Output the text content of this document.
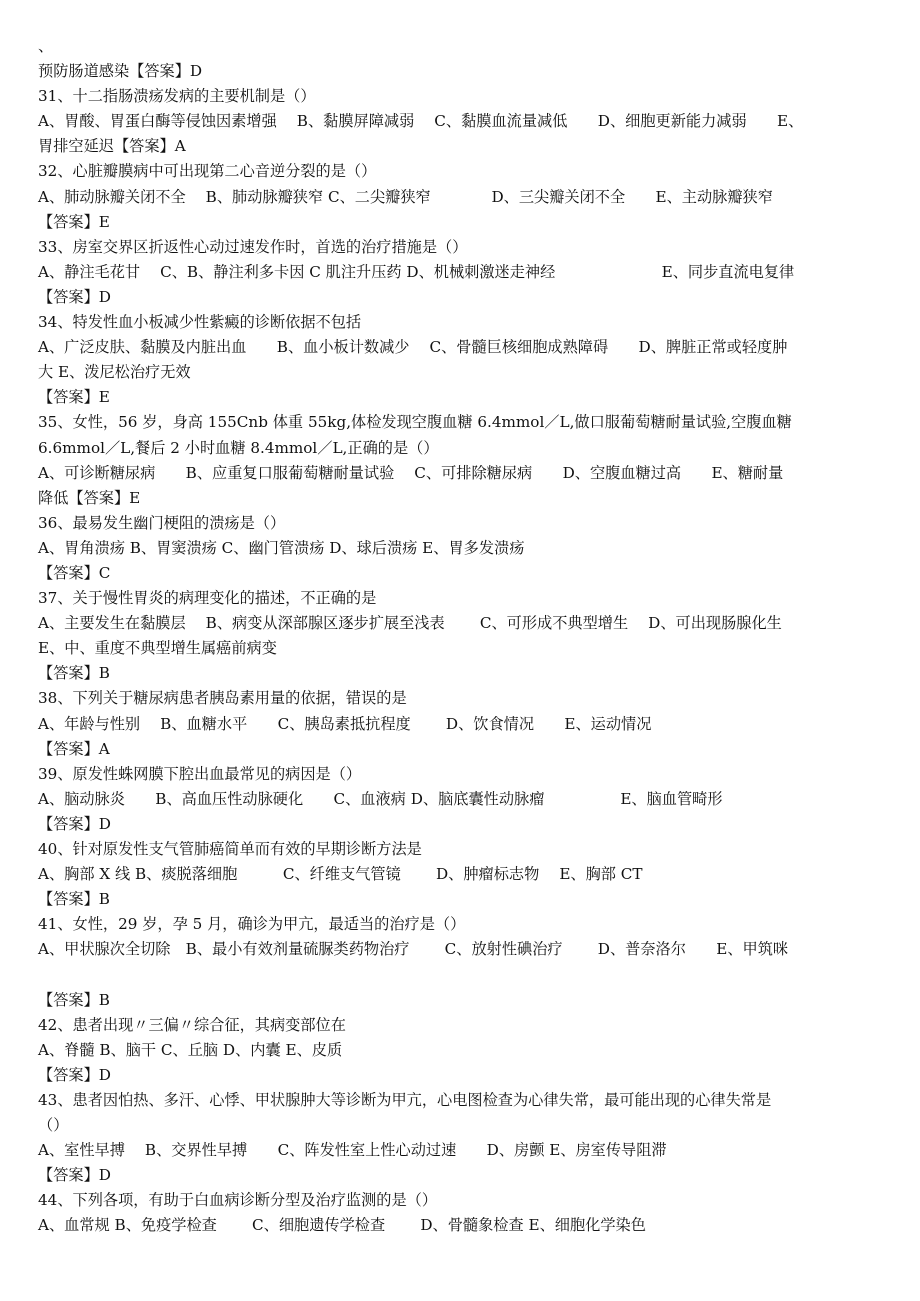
、
预防肠道感染【答案】D
31、十二指肠溃疡发病的主要机制是（）
A、胃酸、胃蛋白酶等侵蚀因素增强　 B、黏膜屏障减弱　 C、黏膜血流量减低　　D、细胞更新能力减弱　　E、
胃排空延迟【答案】A
32、心脏瓣膜病中可出现第二心音逆分裂的是（）
A、肺动脉瓣关闭不全　 B、肺动脉瓣狭窄 C、二尖瓣狭窄　　　　D、三尖瓣关闭不全　　E、主动脉瓣狭窄
【答案】E
33、房室交界区折返性心动过速发作时，首选的治疗措施是（）
A、静注毛花甘　 C、B、静注利多卡因 C 肌注升压药 D、机械刺激迷走神经　　　　　　　E、同步直流电复律
【答案】D
34、特发性血小板减少性紫癜的诊断依据不包括
A、广泛皮肤、黏膜及内脏出血　　B、血小板计数减少　 C、骨髓巨核细胞成熟障碍　　D、脾脏正常或轻度肿
大 E、泼尼松治疗无效
【答案】E
35、女性，56 岁，身高 155Cnb 体重 55kg,体检发现空腹血糖 6.4mmol／L,做口服葡萄糖耐量试验,空腹血糖
6.6mmol／L,餐后 2 小时血糖 8.4mmol／L,正确的是（）
A、可诊断糖尿病　　B、应重复口服葡萄糖耐量试验　 C、可排除糖尿病　　D、空腹血糖过高　　E、糖耐量
降低【答案】E
36、最易发生幽门梗阻的溃疡是（）
A、胃角溃疡 B、胃窦溃疡 C、幽门管溃疡 D、球后溃疡 E、胃多发溃疡
【答案】C
37、关于慢性胃炎的病理变化的描述，不正确的是
A、主要发生在黏膜层　 B、病变从深部腺区逐步扩展至浅表　　 C、可形成不典型增生　 D、可出现肠腺化生
E、中、重度不典型增生属癌前病变
【答案】B
38、下列关于糖尿病患者胰岛素用量的依据，错误的是
A、年龄与性别　 B、血糖水平　　C、胰岛素抵抗程度　　 D、饮食情况　　E、运动情况
【答案】A
39、原发性蛛网膜下腔出血最常见的病因是（）
A、脑动脉炎　　B、高血压性动脉硬化　　C、血液病 D、脑底囊性动脉瘤　　　　　E、脑血管畸形
【答案】D
40、针对原发性支气管肺癌简单而有效的早期诊断方法是
A、胸部 X 线 B、痰脱落细胞　　　C、纤维支气管镜　　 D、肿瘤标志物　 E、胸部 CT
【答案】B
41、女性，29 岁，孕 5 月，确诊为甲亢，最适当的治疗是（）
A、甲状腺次全切除　B、最小有效剂量硫脲类药物治疗　　 C、放射性碘治疗　　 D、普奈洛尔　　E、甲筑咪
【答案】B
42、患者出现〃三偏〃综合征，其病变部位在
A、脊髓 B、脑干 C、丘脑 D、内囊 E、皮质
【答案】D
43、患者因怕热、多汗、心悸、甲状腺肿大等诊断为甲亢，心电图检查为心律失常，最可能出现的心律失常是
（）
A、室性早搏　 B、交界性早搏　　C、阵发性室上性心动过速　　D、房颤 E、房室传导阻滞
【答案】D
44、下列各项，有助于白血病诊断分型及治疗监测的是（）
A、血常规 B、免疫学检查　　 C、细胞遗传学检查　　 D、骨髓象检查 E、细胞化学染色
